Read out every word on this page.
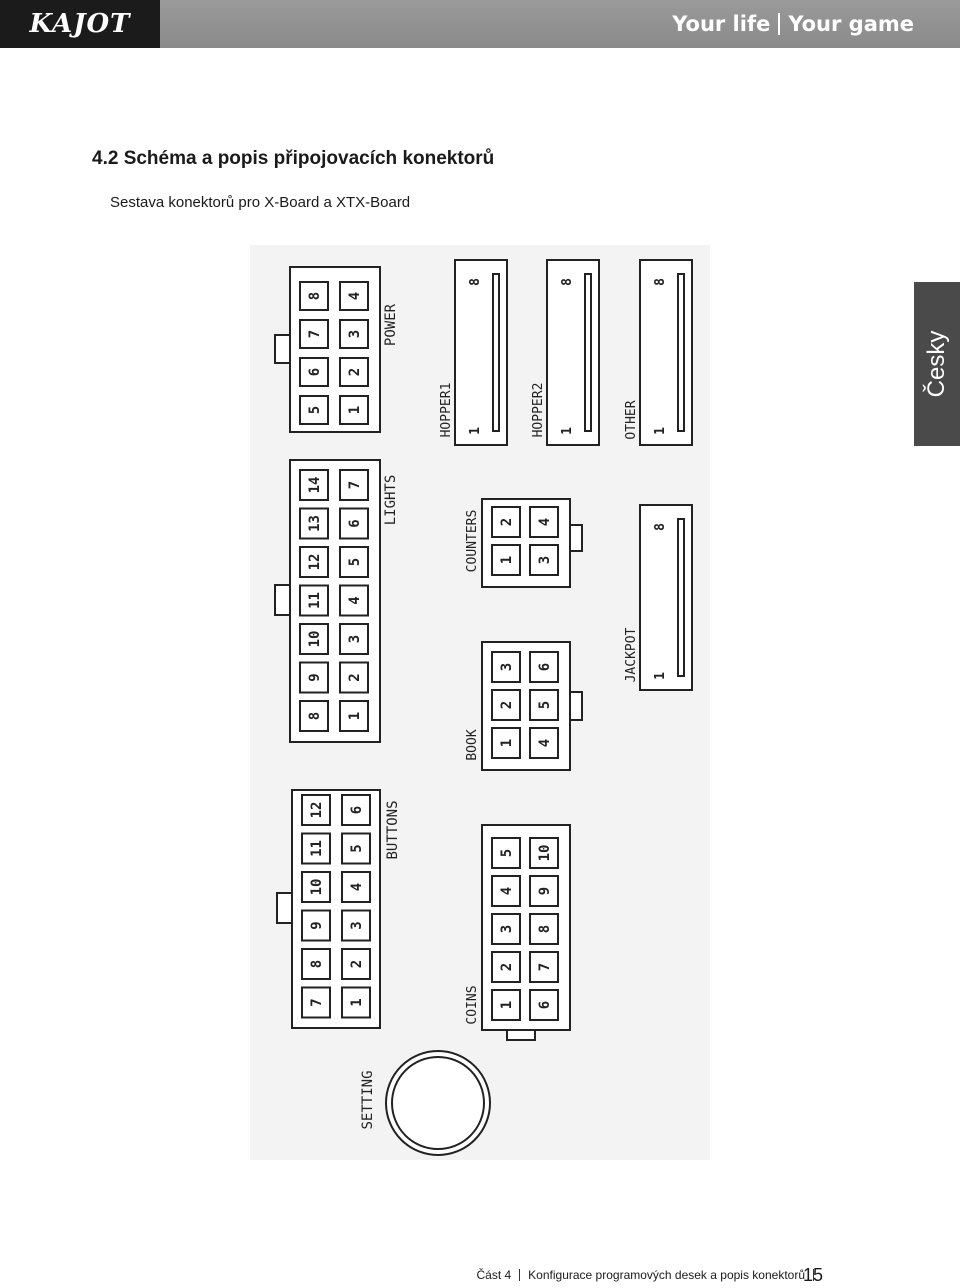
KAJOT	Your life Your game
4.2 Schéma a popis připojovacích konektorů
Sestava konektorů pro X-Board a XTX-Board
Česky
8
7
6
5
4
3
2
1
POWER
14
13
12
11
10
9
8
7
6
5
4
3
2
1
LIGHTS
12
11
10
9
8
7
6
5
4
3
2
1
BUTTONS
SETTING
8
1
8
1
8
1
8
1
HOPPER1	HOPPER2	OTHER
JACKPOT
1
2
3
4
COUNTERS
1
2
3
4
5
6
BOOK
1
2
3
4
5
6
7
8
9
10
COINS
Část 4 Konfigurace programových desek a popis konektorů
15
